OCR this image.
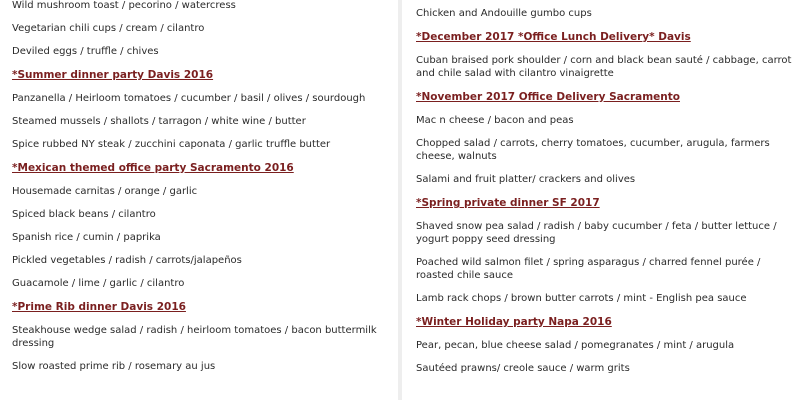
Wild mushroom toast / pecorino / watercress

Vegetarian chili cups / cream / cilantro

Deviled eggs / truffle / chives

*Summer dinner party Davis 2016

Panzanella / Heirloom tomatoes / cucumber / basil / olives / sourdough

Steamed mussels / shallots / tarragon / white wine / butter

Spice rubbed NY steak / zucchini caponata / garlic truffle butter

*Mexican themed office party Sacramento 2016

Housemade carnitas / orange / garlic

Spiced black beans / cilantro

Spanish rice / cumin / paprika

Pickled vegetables / radish / carrots/jalapeños

Guacamole / lime / garlic / cilantro

*Prime Rib dinner Davis 2016

Steakhouse wedge salad / radish / heirloom tomatoes / bacon buttermilk dressing

Slow roasted prime rib / rosemary au jus

Chicken and Andouille gumbo cups

*December 2017 *Office Lunch Delivery* Davis

Cuban braised pork shoulder / corn and black bean sauté / cabbage, carrot and chile salad with cilantro vinaigrette

*November 2017 Office Delivery Sacramento

Mac n cheese / bacon and peas

Chopped salad / carrots, cherry tomatoes, cucumber, arugula, farmers cheese, walnuts

Salami and fruit platter/ crackers and olives

*Spring private dinner SF 2017

Shaved snow pea salad / radish / baby cucumber / feta / butter lettuce / yogurt poppy seed dressing

Poached wild salmon filet / spring asparagus / charred fennel purée / roasted chile sauce

Lamb rack chops / brown butter carrots / mint - English pea sauce

*Winter Holiday party Napa 2016

Pear, pecan, blue cheese salad / pomegranates / mint / arugula

Sautéed prawns/ creole sauce / warm grits
